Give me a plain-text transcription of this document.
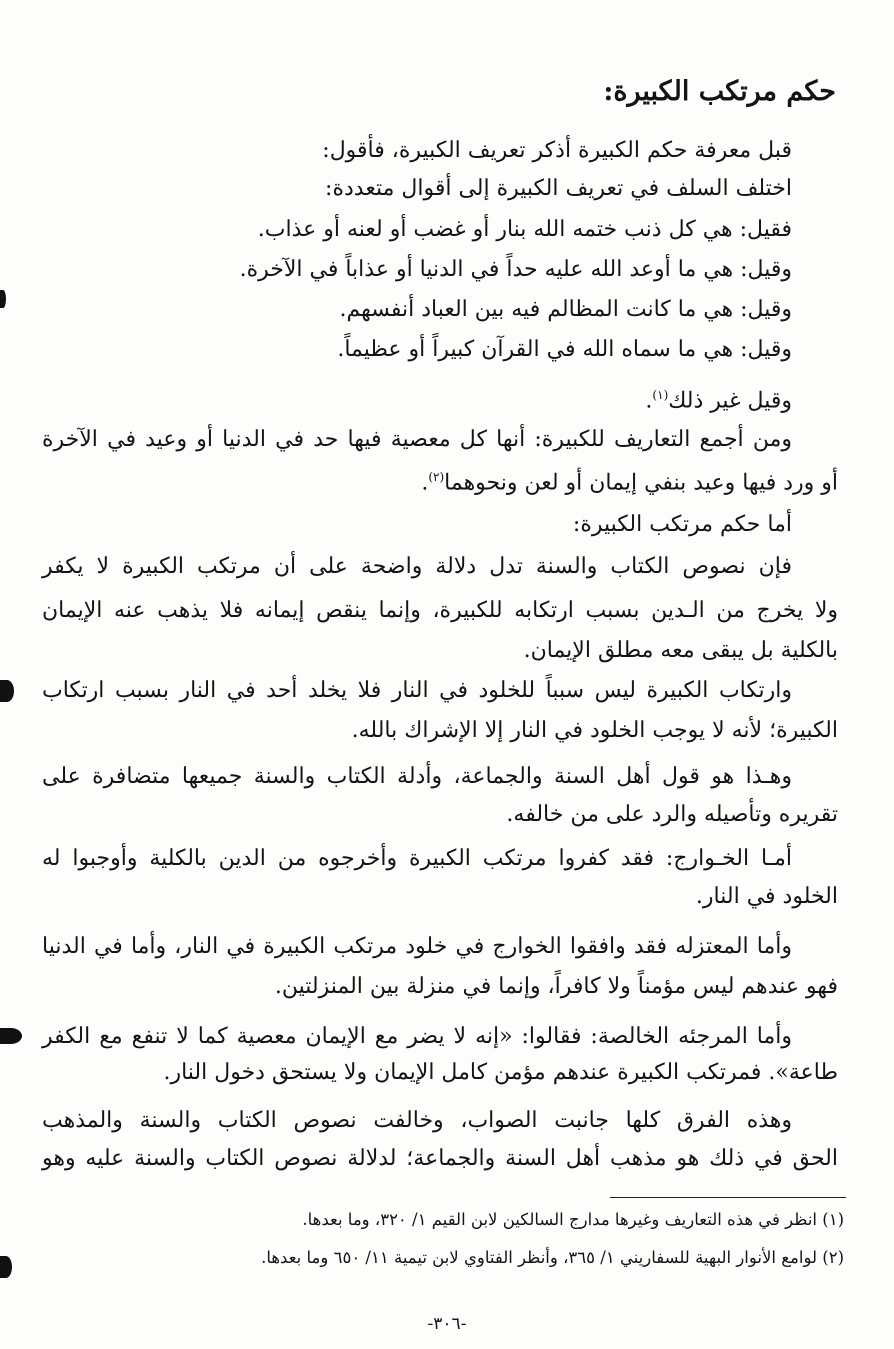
حكم مرتكب الكبيرة:
قبل معرفة حكم الكبيرة أذكر تعريف الكبيرة، فأقول:
اختلف السلف في تعريف الكبيرة إلى أقوال متعددة:
فقيل: هي كل ذنب ختمه الله بنار أو غضب أو لعنه أو عذاب.
وقيل: هي ما أوعد الله عليه حداً في الدنيا أو عذاباً في الآخرة.
وقيل: هي ما كانت المظالم فيه بين العباد أنفسهم.
وقيل: هي ما سماه الله في القرآن كبيراً أو عظيماً.
وقيل غير ذلك$^{(١)}$.
ومن أجمع التعاريف للكبيرة: أنها كل معصية فيها حد في الدنيا أو وعيد في الآخرة
أو ورد فيها وعيد بنفي إيمان أو لعن ونحوهما$^{(٢)}$.
أما حكم مرتكب الكبيرة:
فإن نصوص الكتاب والسنة تدل دلالة واضحة على أن مرتكب الكبيرة لا يكفر
ولا يخرج من الـدين بسبب ارتكابه للكبيرة، وإنما ينقص إيمانه فلا يذهب عنه الإيمان
بالكلية بل يبقى معه مطلق الإيمان.
وارتكاب الكبيرة ليس سبباً للخلود في النار فلا يخلد أحد في النار بسبب ارتكاب
الكبيرة؛ لأنه لا يوجب الخلود في النار إلا الإشراك بالله.
وهـذا هو قول أهل السنة والجماعة، وأدلة الكتاب والسنة جميعها متضافرة على
تقريره وتأصيله والرد على من خالفه.
أمـا الخـوارج: فقد كفروا مرتكب الكبيرة وأخرجوه من الدين بالكلية وأوجبوا له
الخلود في النار.
وأما المعتزله فقد وافقوا الخوارج في خلود مرتكب الكبيرة في النار، وأما في الدنيا
فهو عندهم ليس مؤمناً ولا كافراً، وإنما في منزلة بين المنزلتين.
وأما المرجئه الخالصة: فقالوا: «إنه لا يضر مع الإيمان معصية كما لا تنفع مع الكفر
طاعة». فمرتكب الكبيرة عندهم مؤمن كامل الإيمان ولا يستحق دخول النار.
وهذه الفرق كلها جانبت الصواب، وخالفت نصوص الكتاب والسنة والمذهب
الحق في ذلك هو مذهب أهل السنة والجماعة؛ لدلالة نصوص الكتاب والسنة عليه وهو
(١) انظر في هذه التعاريف وغيرها مدارج السالكين لابن القيم ١/ ٣٢٠، وما بعدها.
(٢) لوامع الأنوار البهية للسفاريني ١/ ٣٦٥، وأنظر الفتاوي لابن تيمية ١١/ ٦٥٠ وما بعدها.
-٣٠٦-
